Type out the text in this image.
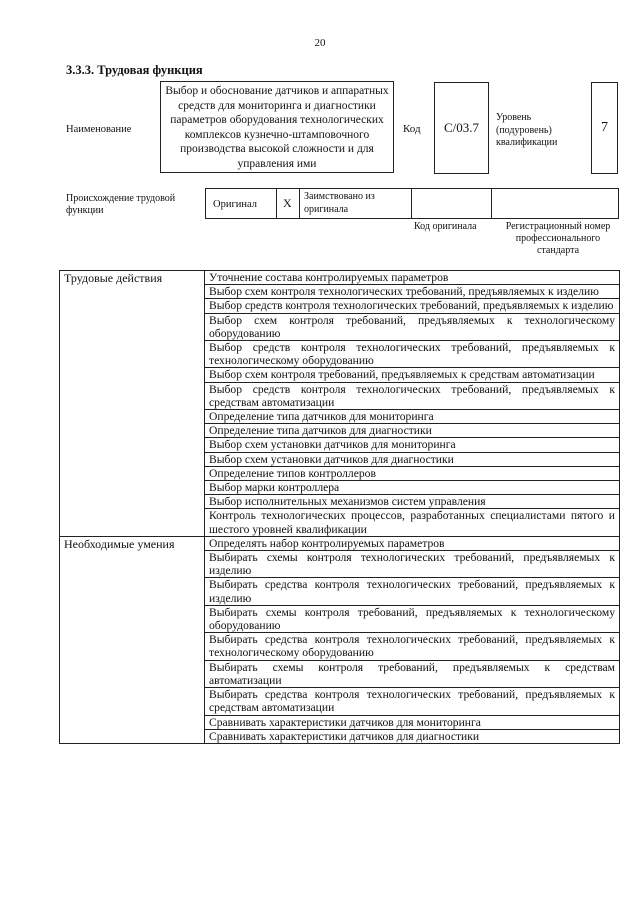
20
3.3.3. Трудовая функция
Наименование
Выбор и обоснование датчиков и аппаратных средств для мониторинга и диагностики параметров оборудования технологических комплексов кузнечно-штамповочного производства высокой сложности и для управления ими
Код C/03.7
Уровень (подуровень) квалификации
7
Происхождение трудовой функции
Оригинал X Заимствовано из оригинала
Код оригинала	Регистрационный номер профессионального стандарта
Трудовые действия	Уточнение состава контролируемых параметров
	Выбор схем контроля технологических требований, предъявляемых к изделию
	Выбор средств контроля технологических требований, предъявляемых к изделию
	Выбор схем контроля требований, предъявляемых к технологическому оборудованию
	Выбор средств контроля технологических требований, предъявляемых к технологическому оборудованию
	Выбор схем контроля требований, предъявляемых к средствам автоматизации
	Выбор средств контроля технологических требований, предъявляемых к средствам автоматизации
	Определение типа датчиков для мониторинга
	Определение типа датчиков для диагностики
	Выбор схем установки датчиков для мониторинга
	Выбор схем установки датчиков для диагностики
	Определение типов контроллеров
	Выбор марки контроллера
	Выбор исполнительных механизмов систем управления
	Контроль технологических процессов, разработанных специалистами пятого и шестого уровней квалификации
Необходимые умения	Определять набор контролируемых параметров
	Выбирать схемы контроля технологических требований, предъявляемых к изделию
	Выбирать средства контроля технологических требований, предъявляемых к изделию
	Выбирать схемы контроля требований, предъявляемых к технологическому оборудованию
	Выбирать средства контроля технологических требований, предъявляемых к технологическому оборудованию
	Выбирать схемы контроля требований, предъявляемых к средствам автоматизации
	Выбирать средства контроля технологических требований, предъявляемых к средствам автоматизации
	Сравнивать характеристики датчиков для мониторинга
	Сравнивать характеристики датчиков для диагностики
